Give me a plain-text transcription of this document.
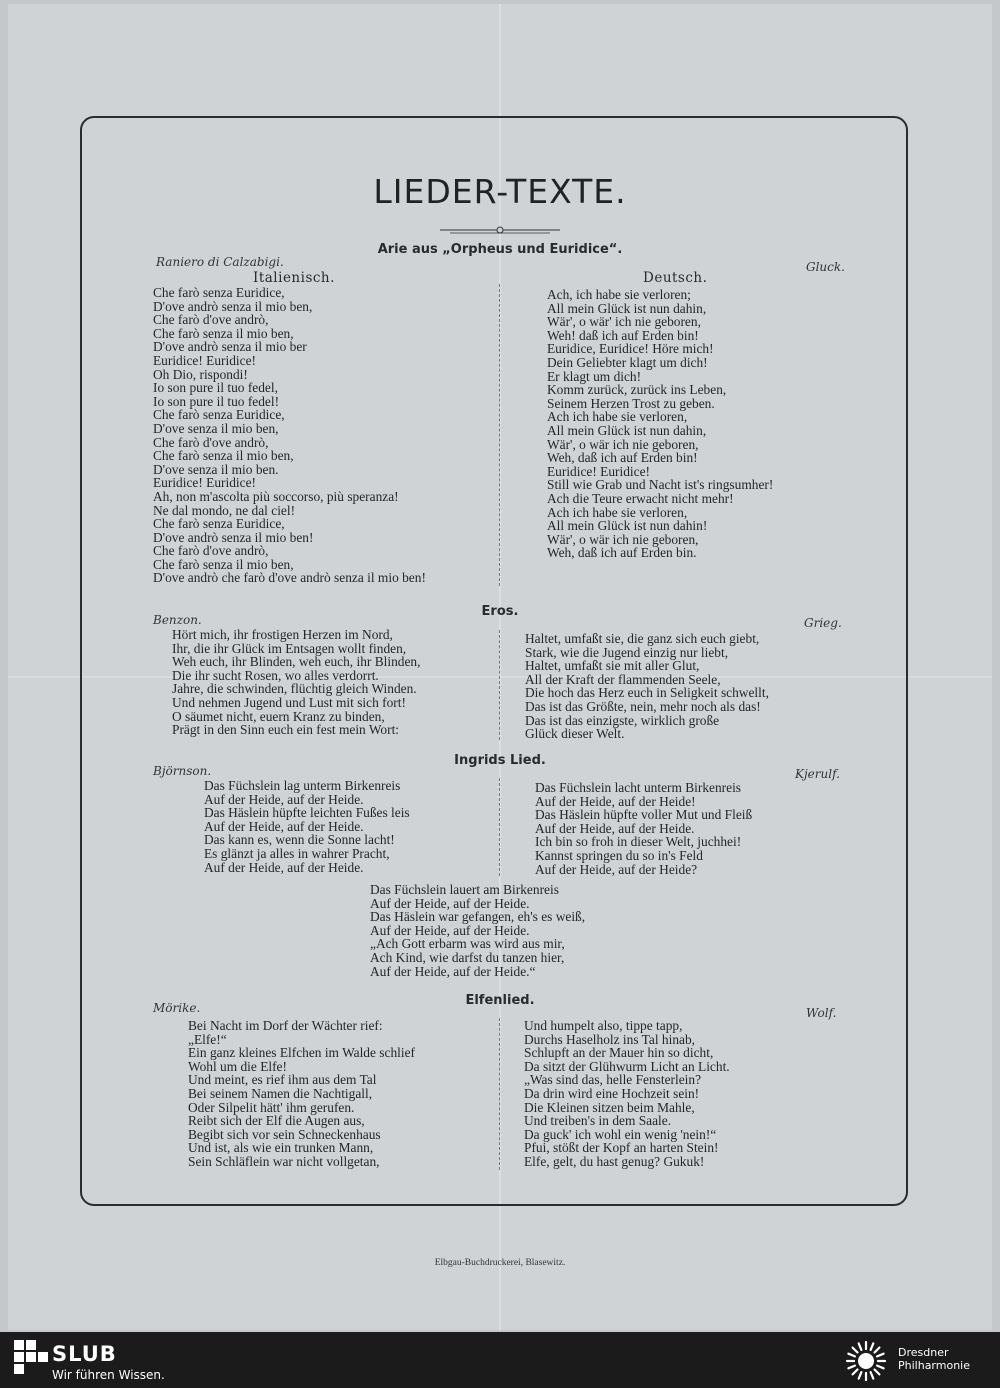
LIEDER-TEXTE.
Arie aus „Orpheus und Euridice“.
Raniero di Calzabigi.	Gluck.
Italienisch.	Deutsch.
Che farò senza Euridice,
D'ove andrò senza il mio ben,
Che farò d'ove andrò,
Che farò senza il mio ben,
D'ove andrò senza il mio ber
Euridice! Euridice!
Oh Dio, rispondi!
Io son pure il tuo fedel,
Io son pure il tuo fedel!
Che farò senza Euridice,
D'ove senza il mio ben,
Che farò d'ove andrò,
Che farò senza il mio ben,
D'ove senza il mio ben.
Euridice! Euridice!
Ah, non m'ascolta più soccorso, più speranza!
Ne dal mondo, ne dal ciel!
Che farò senza Euridice,
D'ove andrò senza il mio ben!
Che farò d'ove andrò,
Che farò senza il mio ben,
D'ove andrò che farò d'ove andrò senza il mio ben!
Ach, ich habe sie verloren;
All mein Glück ist nun dahin,
Wär', o wär' ich nie geboren,
Weh! daß ich auf Erden bin!
Euridice, Euridice! Höre mich!
Dein Geliebter klagt um dich!
Er klagt um dich!
Komm zurück, zurück ins Leben,
Seinem Herzen Trost zu geben.
Ach ich habe sie verloren,
All mein Glück ist nun dahin,
Wär', o wär ich nie geboren,
Weh, daß ich auf Erden bin!
Euridice! Euridice!
Still wie Grab und Nacht ist's ringsumher!
Ach die Teure erwacht nicht mehr!
Ach ich habe sie verloren,
All mein Glück ist nun dahin!
Wär', o wär ich nie geboren,
Weh, daß ich auf Erden bin.
Eros.
Benzon.	Grieg.
Hört mich, ihr frostigen Herzen im Nord,
Ihr, die ihr Glück im Entsagen wollt finden,
Weh euch, ihr Blinden, weh euch, ihr Blinden,
Die ihr sucht Rosen, wo alles verdorrt.
Jahre, die schwinden, flüchtig gleich Winden.
Und nehmen Jugend und Lust mit sich fort!
O säumet nicht, euern Kranz zu binden,
Prägt in den Sinn euch ein fest mein Wort:
Haltet, umfaßt sie, die ganz sich euch giebt,
Stark, wie die Jugend einzig nur liebt,
Haltet, umfaßt sie mit aller Glut,
All der Kraft der flammenden Seele,
Die hoch das Herz euch in Seligkeit schwellt,
Das ist das Größte, nein, mehr noch als das!
Das ist das einzigste, wirklich große
Glück dieser Welt.
Ingrids Lied.
Björnson.	Kjerulf.
Das Füchslein lag unterm Birkenreis
Auf der Heide, auf der Heide.
Das Häslein hüpfte leichten Fußes leis
Auf der Heide, auf der Heide.
Das kann es, wenn die Sonne lacht!
Es glänzt ja alles in wahrer Pracht,
Auf der Heide, auf der Heide.
Das Füchslein lacht unterm Birkenreis
Auf der Heide, auf der Heide!
Das Häslein hüpfte voller Mut und Fleiß
Auf der Heide, auf der Heide.
Ich bin so froh in dieser Welt, juchhei!
Kannst springen du so in's Feld
Auf der Heide, auf der Heide?
Das Füchslein lauert am Birkenreis
Auf der Heide, auf der Heide.
Das Häslein war gefangen, eh's es weiß,
Auf der Heide, auf der Heide.
„Ach Gott erbarm was wird aus mir,
Ach Kind, wie darfst du tanzen hier,
Auf der Heide, auf der Heide.“
Elfenlied.
Mörike.	Wolf.
Bei Nacht im Dorf der Wächter rief:
„Elfe!“
Ein ganz kleines Elfchen im Walde schlief
Wohl um die Elfe!
Und meint, es rief ihm aus dem Tal
Bei seinem Namen die Nachtigall,
Oder Silpelit hätt' ihm gerufen.
Reibt sich der Elf die Augen aus,
Begibt sich vor sein Schneckenhaus
Und ist, als wie ein trunken Mann,
Sein Schläflein war nicht vollgetan,
Und humpelt also, tippe tapp,
Durchs Haselholz ins Tal hinab,
Schlupft an der Mauer hin so dicht,
Da sitzt der Glühwurm Licht an Licht.
„Was sind das, helle Fensterlein?
Da drin wird eine Hochzeit sein!
Die Kleinen sitzen beim Mahle,
Und treiben's in dem Saale.
Da guck' ich wohl ein wenig 'nein!“
Pfui, stößt der Kopf an harten Stein!
Elfe, gelt, du hast genug? Gukuk!
Elbgau-Buchdruckerei, Blasewitz.
SLUB
Wir führen Wissen.
Dresdner
Philharmonie
